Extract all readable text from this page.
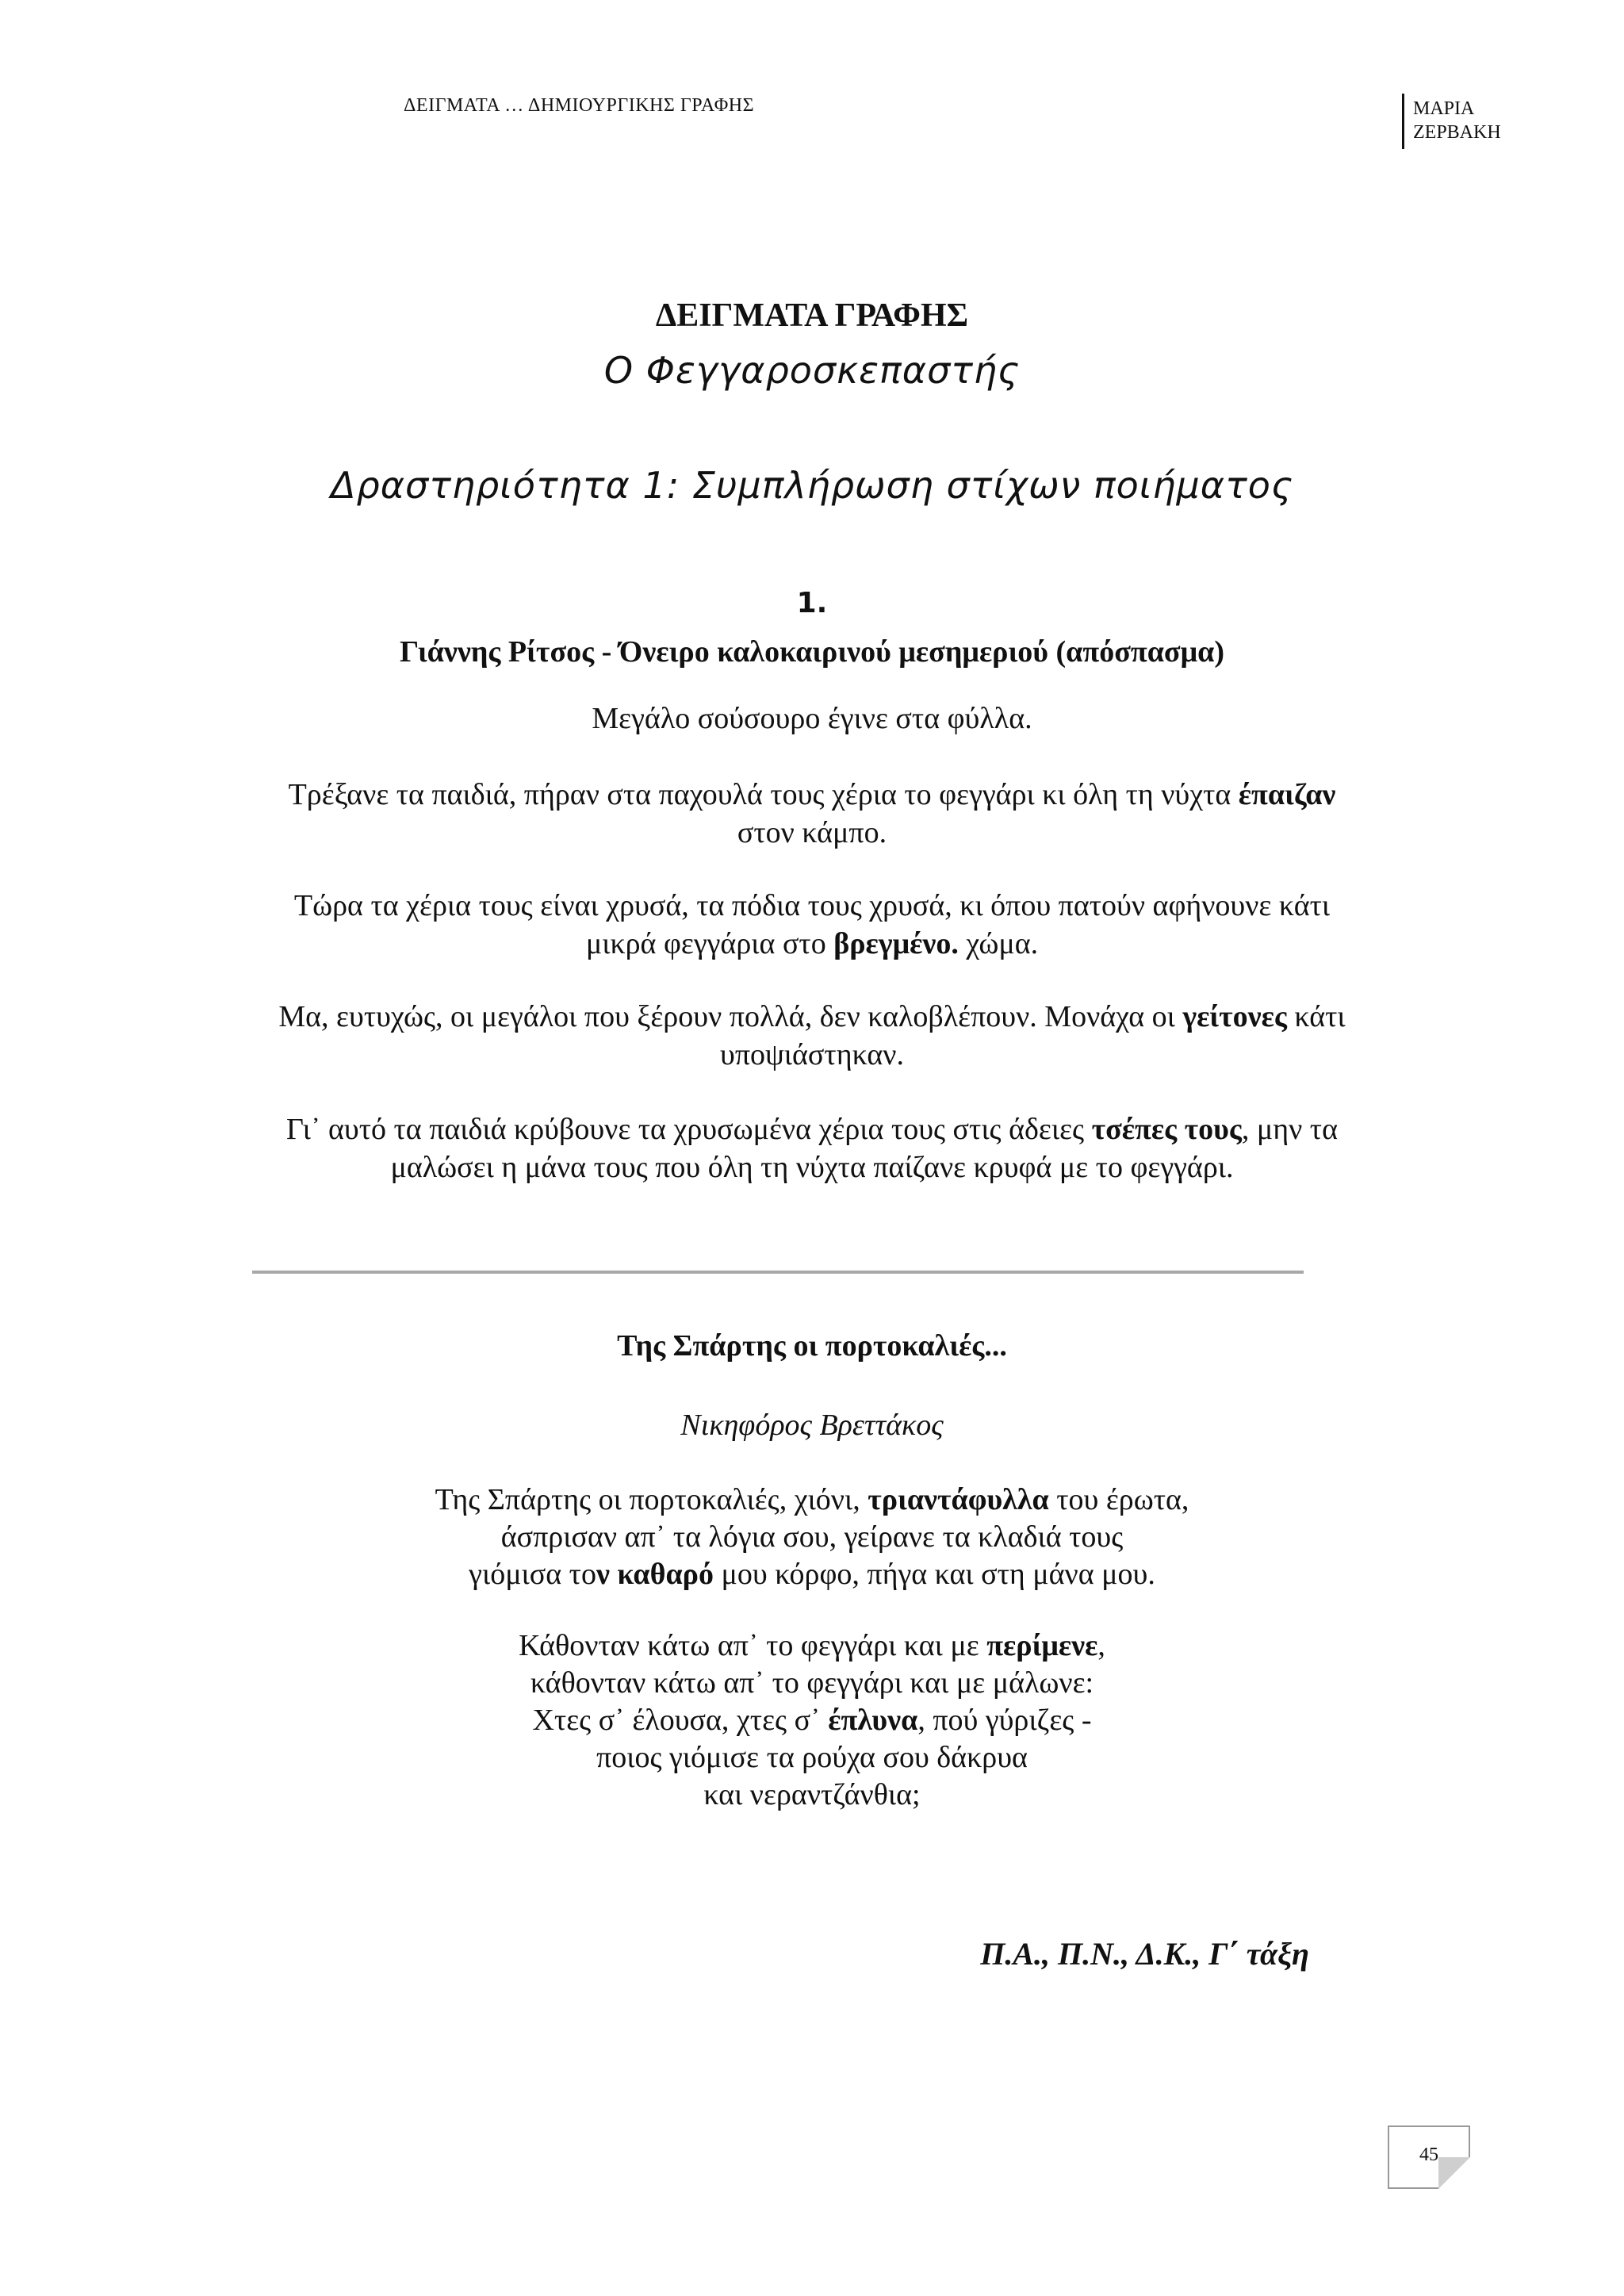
ΔΕΙΓΜΑΤΑ … ΔΗΜΙΟΥΡΓΙΚΗΣ ΓΡΑΦΗΣ	ΜΑΡΙΑ
ΖΕΡΒΑΚΗ
ΔΕΙΓΜΑΤΑ ΓΡΑΦΗΣ
Ο Φεγγαροσκεπαστής
Δραστηριότητα 1: Συμπλήρωση στίχων ποιήματος
1.
Γιάννης Ρίτσος - Όνειρο καλοκαιρινού μεσημεριού (απόσπασμα)
Μεγάλο σούσουρο έγινε στα φύλλα.
Τρέξανε τα παιδιά, πήραν στα παχουλά τους χέρια το φεγγάρι κι όλη τη νύχτα έπαιζαν στον κάμπο.
Τώρα τα χέρια τους είναι χρυσά, τα πόδια τους χρυσά, κι όπου πατούν αφήνουνε κάτι μικρά φεγγάρια στο βρεγμένο. χώμα.
Μα, ευτυχώς, οι μεγάλοι που ξέρουν πολλά, δεν καλοβλέπουν. Μονάχα οι γείτονες κάτι υποψιάστηκαν.
Γι᾽ αυτό τα παιδιά κρύβουνε τα χρυσωμένα χέρια τους στις άδειες τσέπες τους, μην τα μαλώσει η μάνα τους που όλη τη νύχτα παίζανε κρυφά με το φεγγάρι.
Της Σπάρτης οι πορτοκαλιές...
Νικηφόρος Βρεττάκος
Της Σπάρτης οι πορτοκαλιές, χιόνι, τριαντάφυλλα του έρωτα,
άσπρισαν απ᾽ τα λόγια σου, γείρανε τα κλαδιά τους
γιόμισα τον καθαρό μου κόρφο, πήγα και στη μάνα μου.
Κάθονταν κάτω απ᾽ το φεγγάρι και με περίμενε,
κάθονταν κάτω απ᾽ το φεγγάρι και με μάλωνε:
Χτες σ᾽ έλουσα, χτες σ᾽ έπλυνα, πού γύριζες -
ποιος γιόμισε τα ρούχα σου δάκρυα
και νεραντζάνθια;
Π.Α., Π.Ν., Δ.Κ., Γ΄ τάξη
45
